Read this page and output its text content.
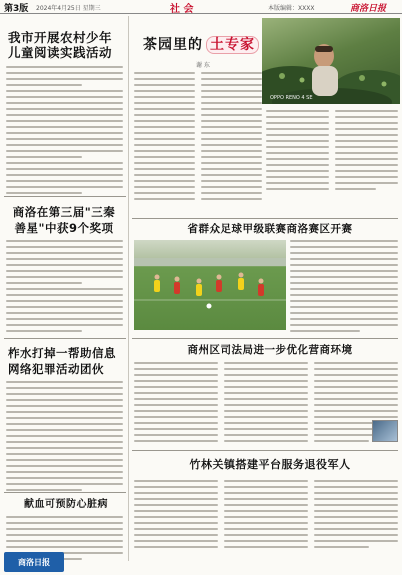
第3版 2024年4月25日 星期三	社 会	本版编辑：XXXX	商洛日报
我市开展农村少年儿童阅读实践活动
商洛在第三届"三秦善星"中获9个奖项
柞水打掉一帮助信息网络犯罪活动团伙
献血可预防心脏病
茶园里的 土专家
谢 东
OPPO RENO 4 SE
省群众足球甲级联赛商洛赛区开赛
商州区司法局进一步优化营商环境
竹林关镇搭建平台服务退役军人
商洛日报
